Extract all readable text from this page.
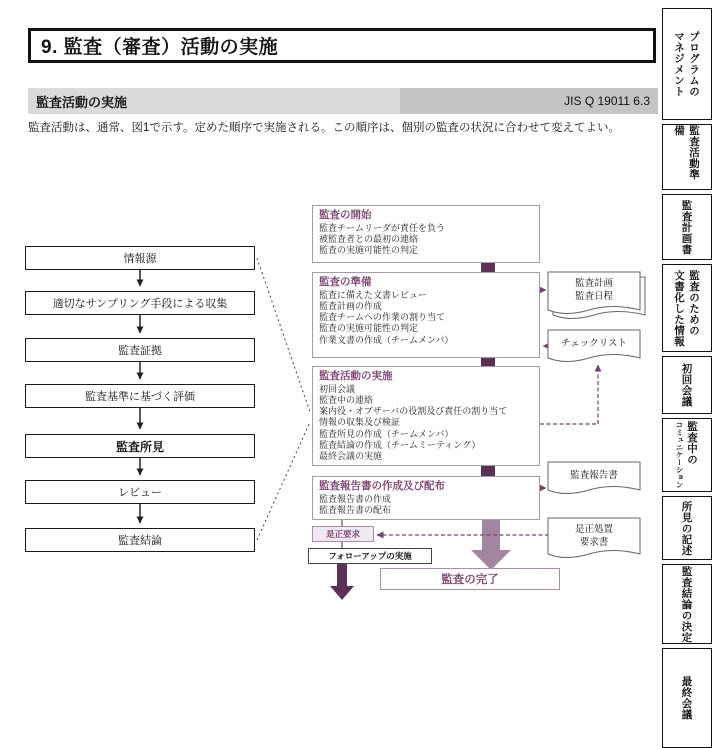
9. 監査（審査）活動の実施
監査活動の実施	JIS Q 19011 6.3
監査活動は、通常、図1で示す。定めた順序で実施される。この順序は、個別の監査の状況に合わせて変えてよい。
情報源
適切なサンプリング手段による収集
監査証拠
監査基準に基づく評価
監査所見
レビュー
監査結論
監査の開始
監査チームリーダが責任を負う
被監査者との最初の連絡
監査の実施可能性の判定
監査の準備
監査に備えた文書レビュー
監査計画の作成
監査チームへの作業の割り当て
監査の実施可能性の判定
作業文書の作成（チームメンバ）
監査活動の実施
初回会議
監査中の連絡
案内役・オブザーバの役割及び責任の割り当て
情報の収集及び検証
監査所見の作成（チームメンバ）
監査結論の作成（チームミーティング）
最終会議の実施
監査報告書の作成及び配布
監査報告書の作成
監査報告書の配布
是正要求
フォローアップの実施
監査の完了
監査計画
監査日程
チェックリスト
監査報告書
是正処置
要求書
プログラムの
マネジメント
監査活動準備
監査計画書
監査のための
文書化した情報
初回会議
監査中の
コミュニケーション
所見の記述
監査結論の決定
最終会議
